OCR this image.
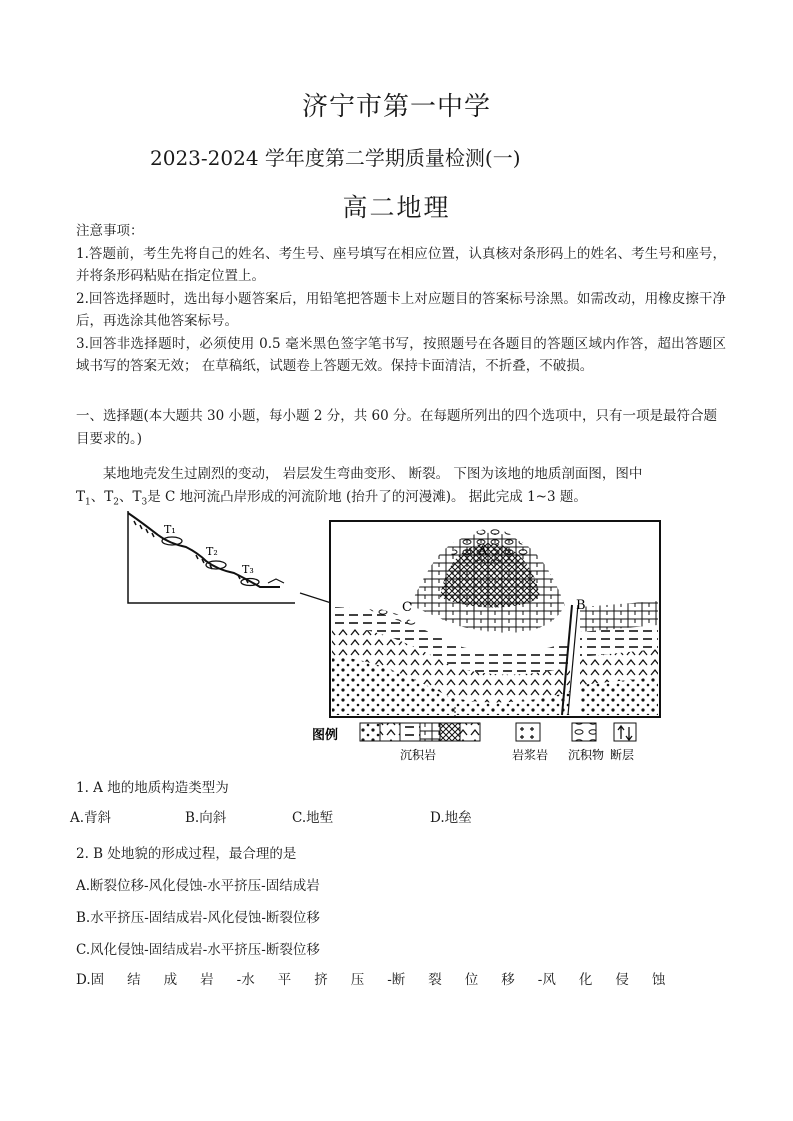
济宁市第一中学
2023-2024 学年度第二学期质量检测(一)
高二地理

注意事项：

1.答题前，考生先将自己的姓名、考生号、座号填写在相应位置，认真核对条形码上的姓名、考生号和座号，并将条形码粘贴在指定位置上。

2.回答选择题时，选出每小题答案后，用铅笔把答题卡上对应题目的答案标号涂黑。如需改动，用橡皮擦干净后，再选涂其他答案标号。

3.回答非选择题时，必须使用 0.5 毫米黑色签字笔书写，按照题号在各题目的答题区域内作答，超出答题区域书写的答案无效； 在草稿纸，试题卷上答题无效。保持卡面清洁，不折叠，不破损。

一、选择题(本大题共 30 小题，每小题 2 分，共 60 分。在每题所列出的四个选项中，只有一项是最符合题目要求的。)

某地地壳发生过剧烈的变动， 岩层发生弯曲变形、 断裂。 下图为该地的地质剖面图，图中

$T_1$、$T_2$、$T_3$是 C 地河流凸岸形成的河流阶地 (抬升了的河漫滩)。 据此完成 1~3 题。
T₁
T₂
T₃
A
B
C
图例
沉积岩	岩浆岩 沉积物 断层
1. A 地的地质构造类型为
A.背斜	B.向斜	C.地堑	D.地垒
2. B 处地貌的形成过程，最合理的是
A.断裂位移-风化侵蚀-水平挤压-固结成岩
B.水平挤压-固结成岩-风化侵蚀-断裂位移
C.风化侵蚀-固结成岩-水平挤压-断裂位移
D.固 结 成 岩 -水 平 挤 压 -断 裂 位 移 -风 化 侵 蚀
